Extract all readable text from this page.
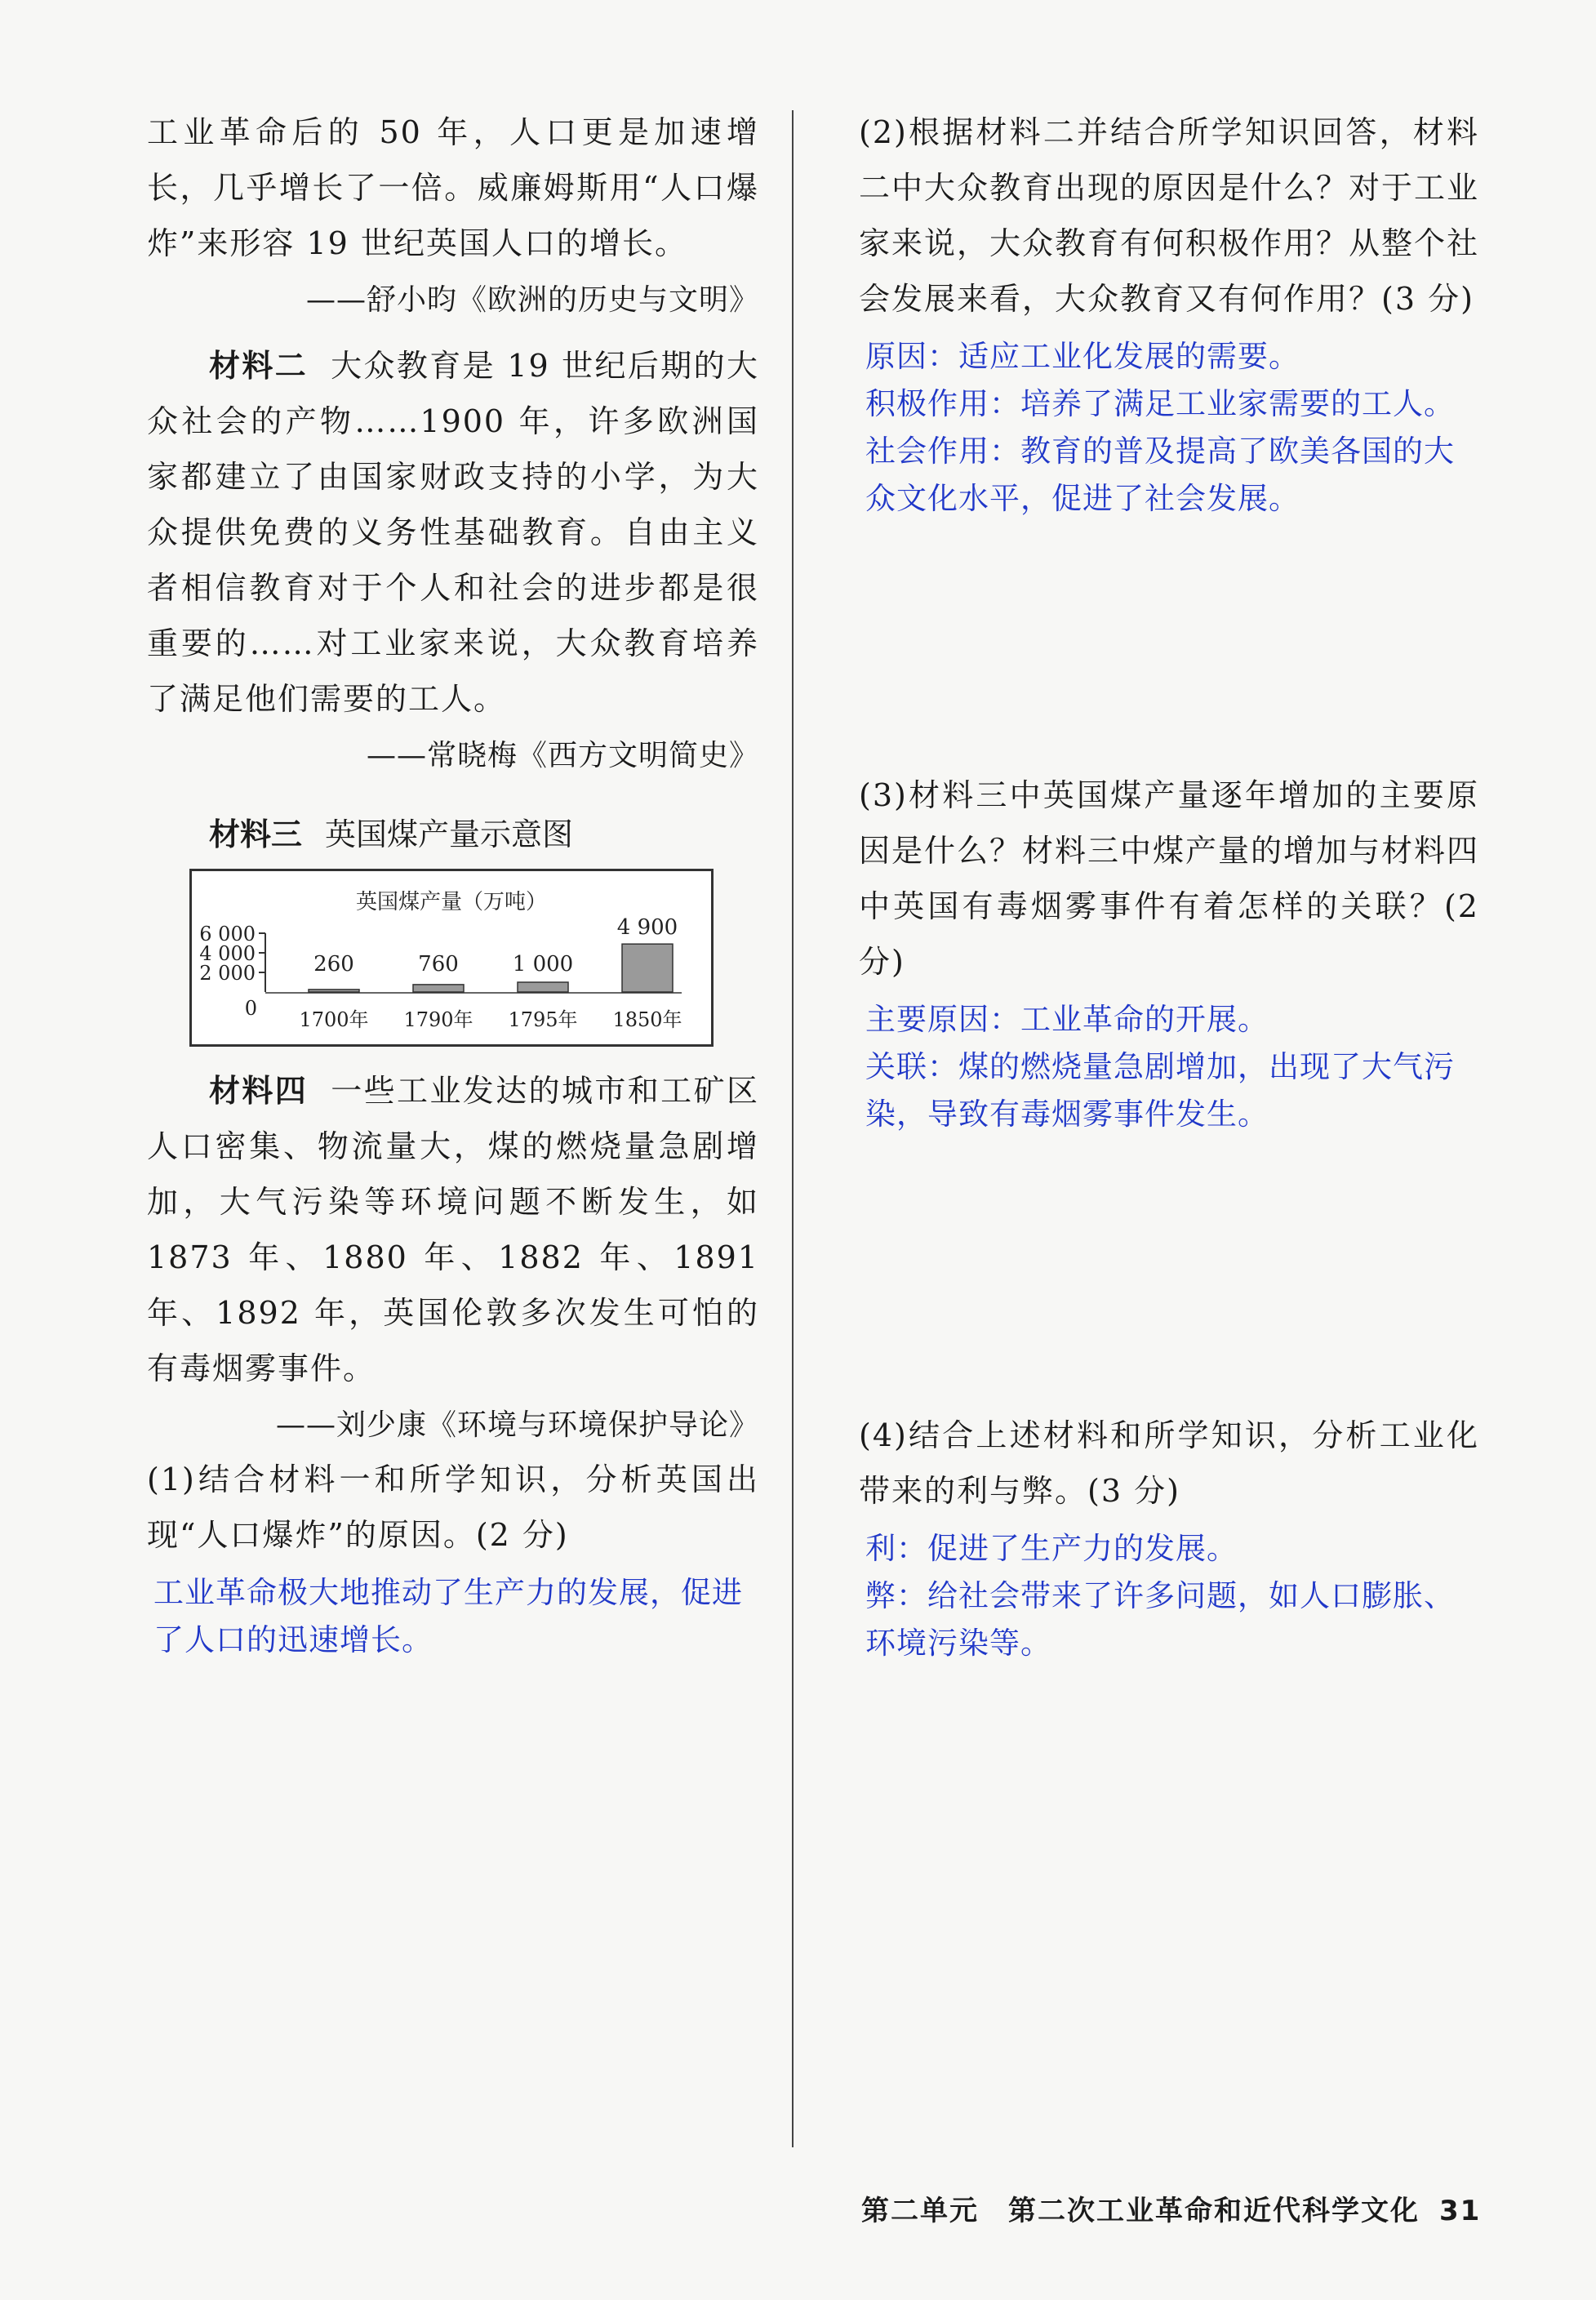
工业革命后的 50 年，人口更是加速增长，几乎增长了一倍。威廉姆斯用“人口爆炸”来形容 19 世纪英国人口的增长。

——舒小昀《欧洲的历史与文明》

材料二 大众教育是 19 世纪后期的大众社会的产物……1900 年，许多欧洲国家都建立了由国家财政支持的小学，为大众提供免费的义务性基础教育。自由主义者相信教育对于个人和社会的进步都是很重要的……对工业家来说，大众教育培养了满足他们需要的工人。

——常晓梅《西方文明简史》
材料三 英国煤产量示意图
英国煤产量（万吨）
0
2 000
4 000
6 000
260
1700年
760
1790年
1 000
1795年
4 900
1850年

材料四 一些工业发达的城市和工矿区人口密集、物流量大，煤的燃烧量急剧增加，大气污染等环境问题不断发生，如 1873 年、1880 年、1882 年、1891 年、1892 年，英国伦敦多次发生可怕的有毒烟雾事件。

——刘少康《环境与环境保护导论》

(1)结合材料一和所学知识，分析英国出现“人口爆炸”的原因。(2 分)

工业革命极大地推动了生产力的发展，促进了人口的迅速增长。

(2)根据材料二并结合所学知识回答，材料二中大众教育出现的原因是什么？对于工业家来说，大众教育有何积极作用？从整个社会发展来看，大众教育又有何作用？(3 分)

原因：适应工业化发展的需要。

积极作用：培养了满足工业家需要的工人。

社会作用：教育的普及提高了欧美各国的大众文化水平，促进了社会发展。

(3)材料三中英国煤产量逐年增加的主要原因是什么？材料三中煤产量的增加与材料四中英国有毒烟雾事件有着怎样的关联？(2 分)

主要原因：工业革命的开展。

关联：煤的燃烧量急剧增加，出现了大气污染，导致有毒烟雾事件发生。

(4)结合上述材料和所学知识，分析工业化带来的利与弊。(3 分)

利：促进了生产力的发展。

弊：给社会带来了许多问题，如人口膨胀、环境污染等。

第二单元　第二次工业革命和近代科学文化 31
